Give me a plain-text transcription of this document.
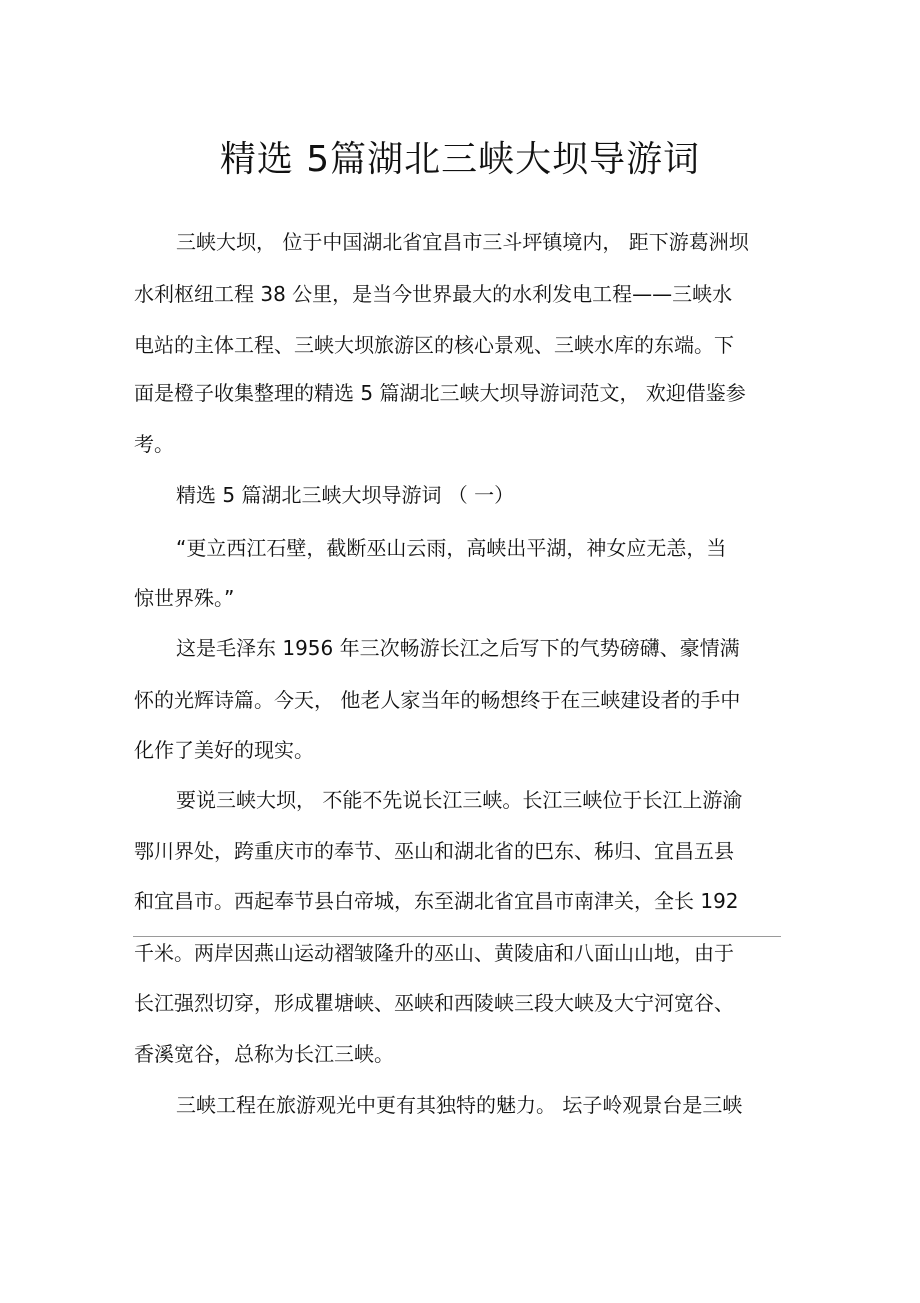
精选 5篇湖北三峡大坝导游词

三峡大坝， 位于中国湖北省宜昌市三斗坪镇境内， 距下游葛洲坝

水利枢纽工程 38 公里，是当今世界最大的水利发电工程——三峡水

电站的主体工程、三峡大坝旅游区的核心景观、三峡水库的东端。下

面是橙子收集整理的精选 5 篇湖北三峡大坝导游词范文， 欢迎借鉴参

考。

精选 5 篇湖北三峡大坝导游词 （ 一）

“更立西江石壁，截断巫山云雨，高峡出平湖，神女应无恙，当

惊世界殊。”

这是毛泽东 1956 年三次畅游长江之后写下的气势磅礴、豪情满

怀的光辉诗篇。今天， 他老人家当年的畅想终于在三峡建设者的手中

化作了美好的现实。

要说三峡大坝， 不能不先说长江三峡。长江三峡位于长江上游渝

鄂川界处，跨重庆市的奉节、巫山和湖北省的巴东、秭归、宜昌五县

和宜昌市。西起奉节县白帝城，东至湖北省宜昌市南津关，全长 192

千米。两岸因燕山运动褶皱隆升的巫山、黄陵庙和八面山山地，由于

长江强烈切穿，形成瞿塘峡、巫峡和西陵峡三段大峡及大宁河宽谷、

香溪宽谷，总称为长江三峡。

三峡工程在旅游观光中更有其独特的魅力。 坛子岭观景台是三峡
